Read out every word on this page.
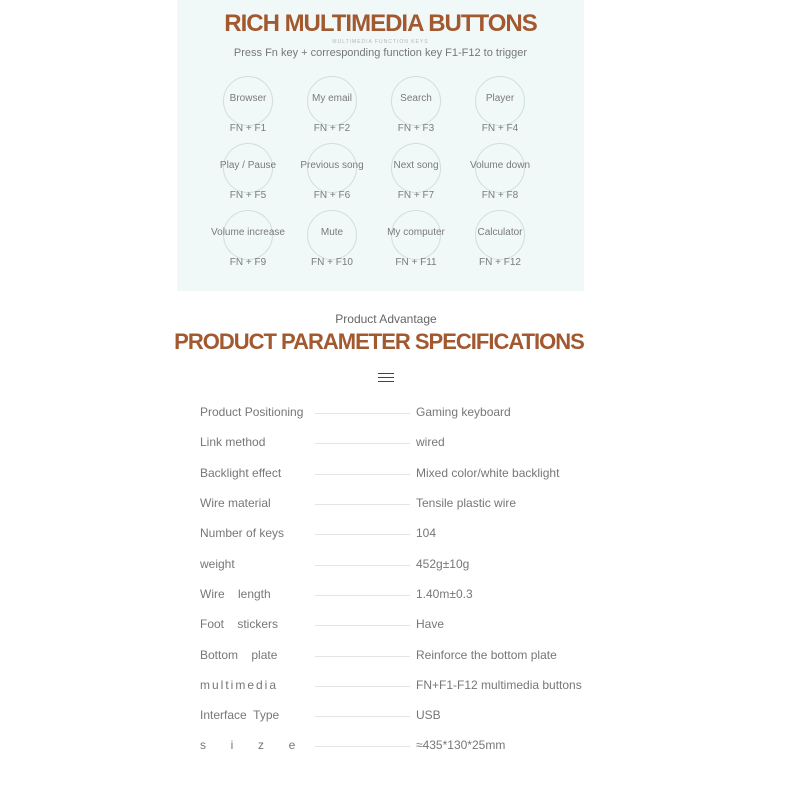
RICH MULTIMEDIA BUTTONS
MULTIMEDIA FUNCTION KEYS
Press Fn key + corresponding function key F1-F12 to trigger
Browser
FN + F1
My email
FN + F2
Search
FN + F3
Player
FN + F4
Play / Pause
FN + F5
Previous song
FN + F6
Next song
FN + F7
Volume down
FN + F8
Volume increase
FN + F9
Mute
FN + F10
My computer
FN + F11
Calculator
FN + F12
Product Advantage
PRODUCT PARAMETER SPECIFICATIONS
Product Positioning	Gaming keyboard
Link method	wired
Backlight effect	Mixed color/white backlight
Wire material	Tensile plastic wire
Number of keys	104
weight	452g±10g
Wire    length	1.40m±0.3
Foot    stickers	Have
Bottom    plate	Reinforce the bottom plate
multimedia	FN+F1-F12 multimedia buttons
Interface  Type	USB
s  i  z  e	≈435*130*25mm
